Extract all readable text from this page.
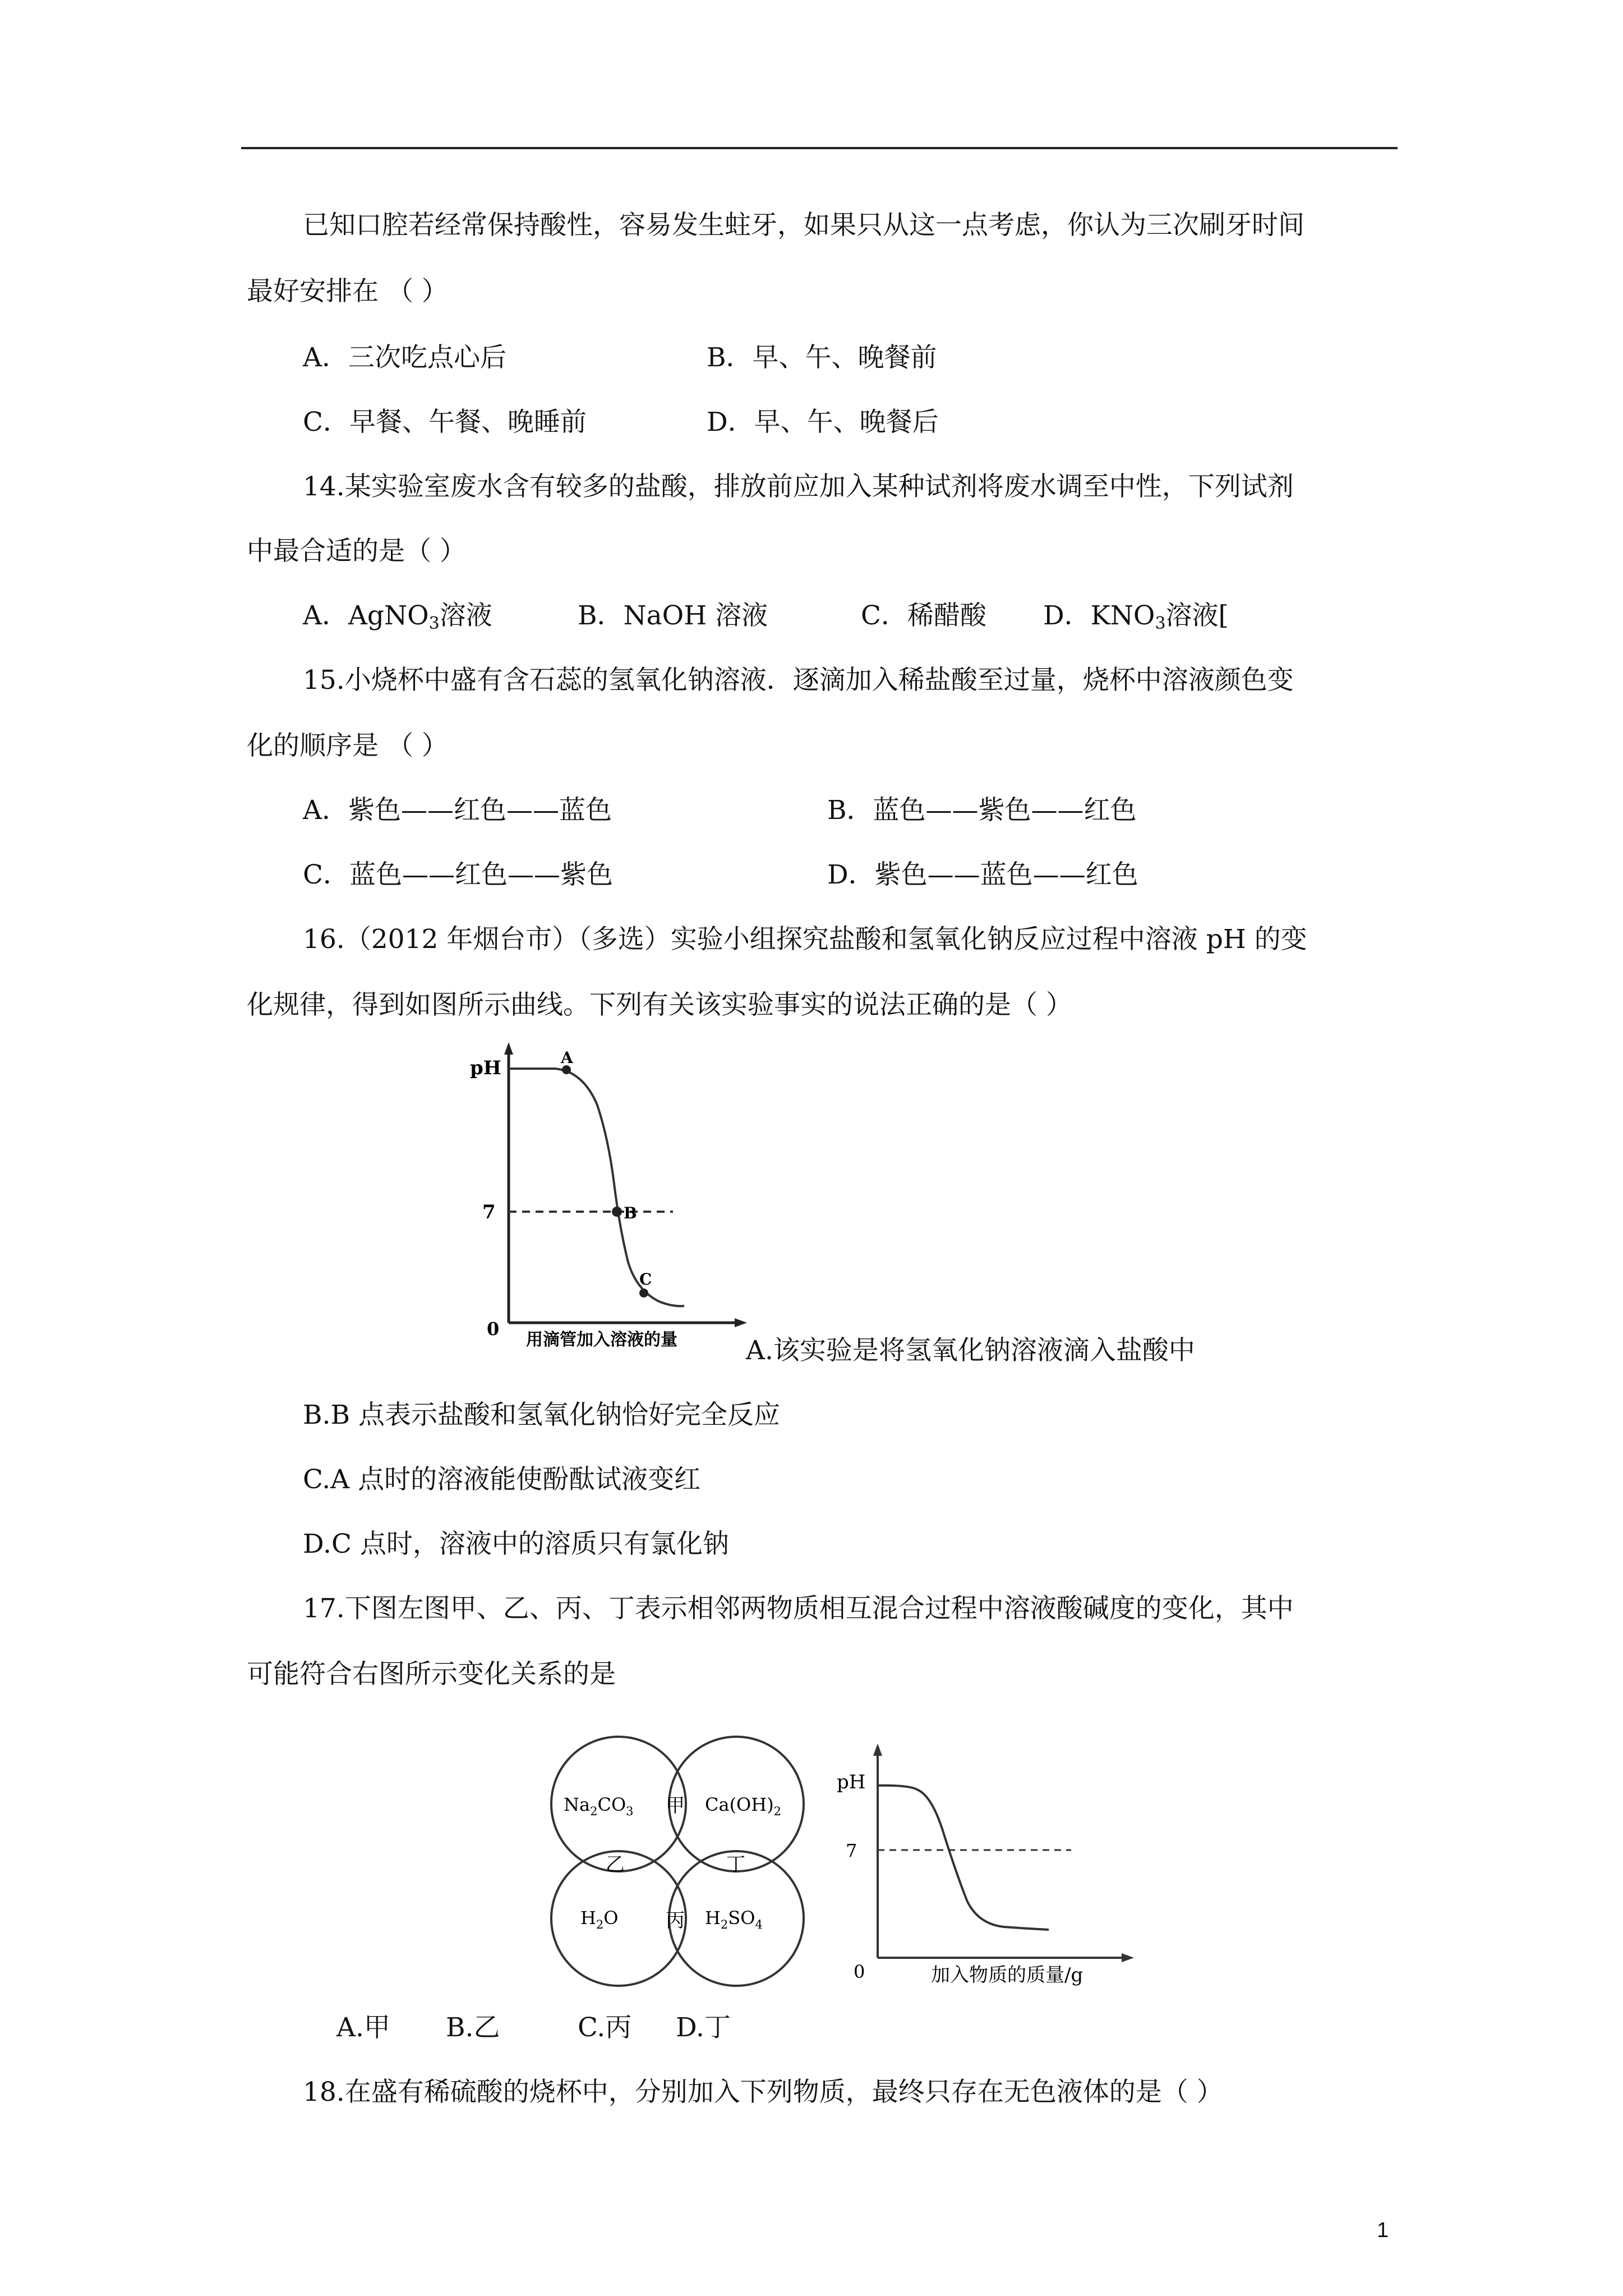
已知口腔若经常保持酸性，容易发生蛀牙，如果只从这一点考虑，你认为三次刷牙时间
最好安排在 （ ）
A．三次吃点心后	B．早、午、晚餐前
C．早餐、午餐、晚睡前	D．早、午、晚餐后
14.某实验室废水含有较多的盐酸，排放前应加入某种试剂将废水调至中性，下列试剂
中最合适的是（ ）
A．AgNO$_3$溶液	B．NaOH 溶液	C．稀醋酸 D．$KNO_3$溶液[
15.小烧杯中盛有含石蕊的氢氧化钠溶液．逐滴加入稀盐酸至过量，烧杯中溶液颜色变
化的顺序是 （ ）
A．紫色——红色——蓝色	B．蓝色——紫色——红色
C．蓝色——红色——紫色	D．紫色——蓝色——红色
16.（2012 年烟台市）（多选）实验小组探究盐酸和氢氧化钠反应过程中溶液 pH 的变
化规律，得到如图所示曲线。下列有关该实验事实的说法正确的是（ ）
pH
7
0
A
B
C
用滴管加入溶液的量	A.该实验是将氢氧化钠溶液滴入盐酸中
B.B 点表示盐酸和氢氧化钠恰好完全反应
C.A 点时的溶液能使酚酞试液变红
D.C 点时，溶液中的溶质只有氯化钠
17.下图左图甲、乙、丙、丁表示相邻两物质相互混合过程中溶液酸碱度的变化，其中
可能符合右图所示变化关系的是
$Na_2CO_3$	$Ca(OH)_2$
$H_2O$	$H_2SO_4$
甲
乙
丙
丁
pH
7
0	加入物质的质量/g
A.甲 B.乙	C.丙 D.丁
18.在盛有稀硫酸的烧杯中，分别加入下列物质，最终只存在无色液体的是（ ）
1
